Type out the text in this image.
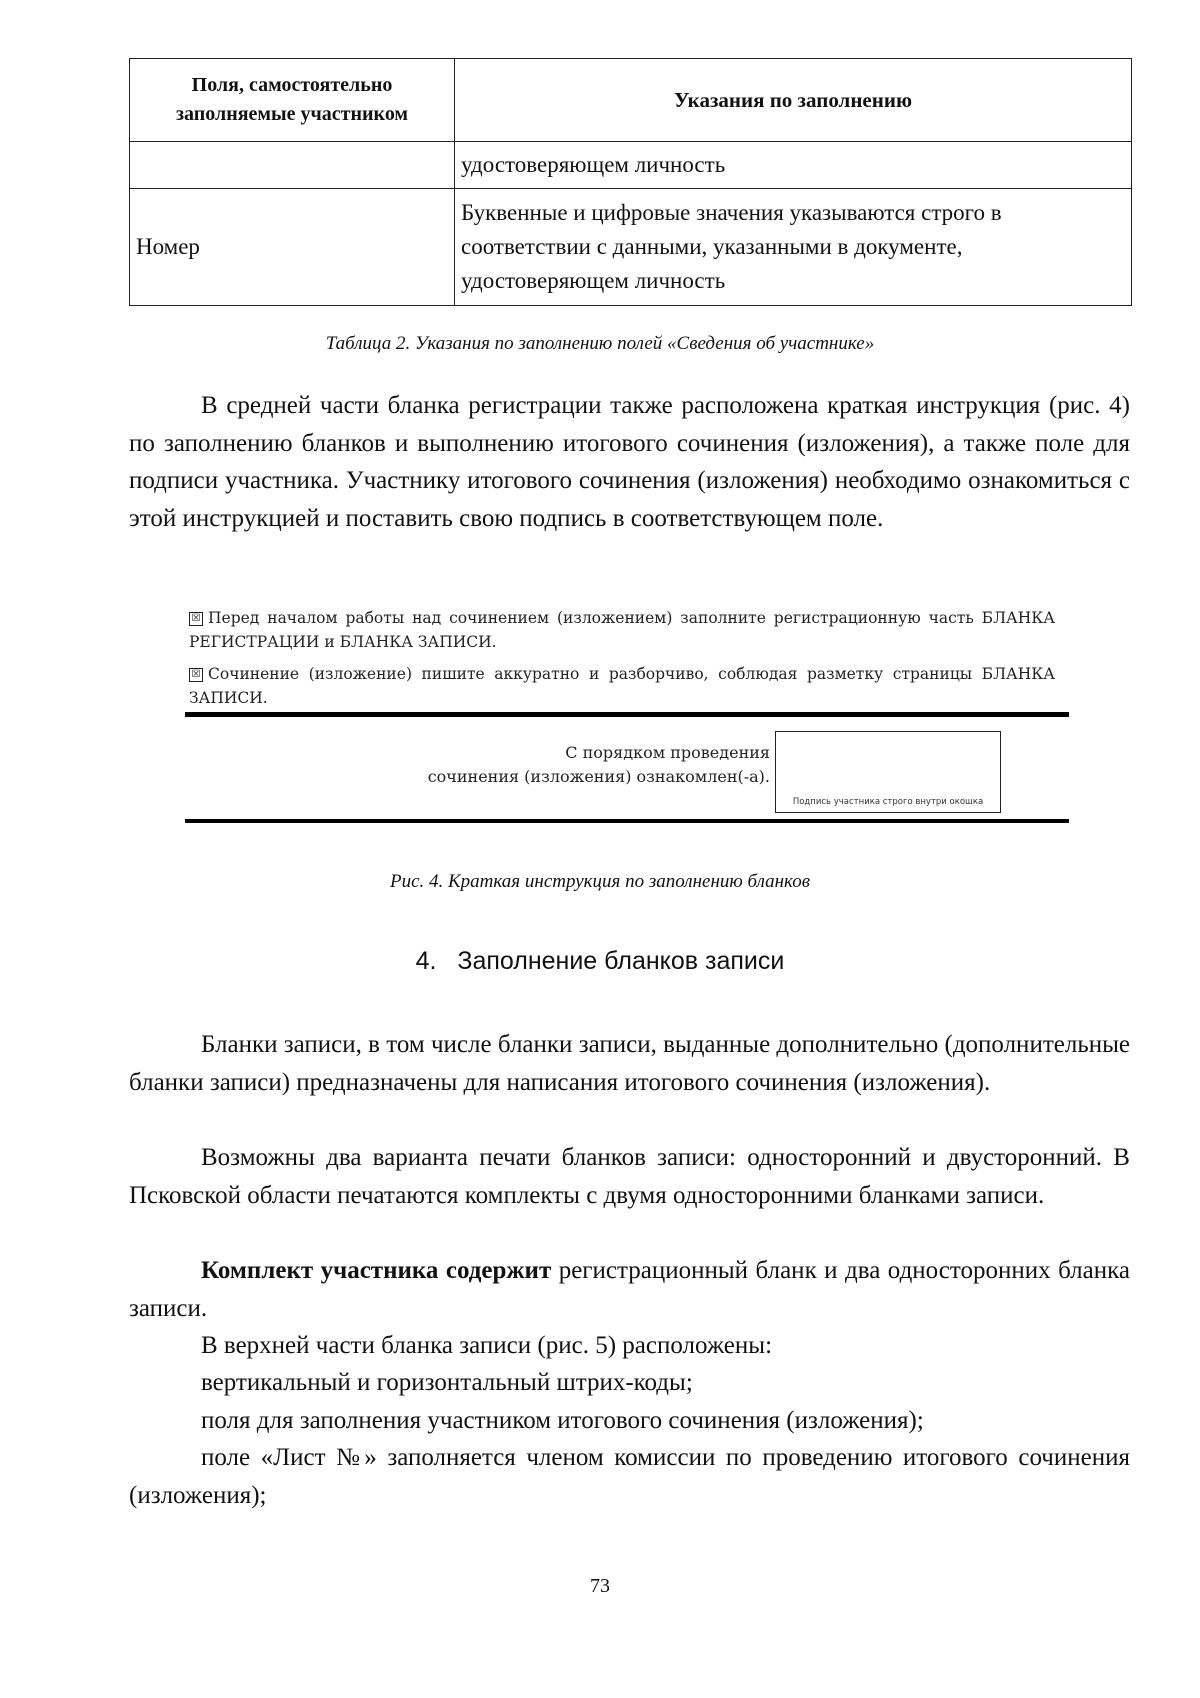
Поля, самостоятельно заполняемые участником	Указания по заполнению
	удостоверяющем личность
Номер	Буквенные и цифровые значения указываются строго в соответствии с данными, указанными в документе, удостоверяющем личность
Таблица 2. Указания по заполнению полей «Сведения об участнике»

В средней части бланка регистрации также расположена краткая инструкция (рис. 4) по заполнению бланков и выполнению итогового сочинения (изложения), а также поле для подписи участника. Участнику итогового сочинения (изложения) необходимо ознакомиться с этой инструкцией и поставить свою подпись в соответствующем поле.

☒ Перед началом работы над сочинением (изложением) заполните регистрационную часть БЛАНКА РЕГИСТРАЦИИ и БЛАНКА ЗАПИСИ.
☒ Сочинение (изложение) пишите аккуратно и разборчиво, соблюдая разметку страницы БЛАНКА ЗАПИСИ.
С порядком проведения
сочинения (изложения) ознакомлен(-а).
Подпись участника строго внутри окошка
Рис. 4. Краткая инструкция по заполнению бланков
4. Заполнение бланков записи

Бланки записи, в том числе бланки записи, выданные дополнительно (дополнительные бланки записи) предназначены для написания итогового сочинения (изложения).

Возможны два варианта печати бланков записи: односторонний и двусторонний. В Псковской области печатаются комплекты с двумя односторонними бланками записи.

Комплект участника содержит регистрационный бланк и два односторонних бланка записи.

В верхней части бланка записи (рис. 5) расположены:

вертикальный и горизонтальный штрих-коды;

поля для заполнения участником итогового сочинения (изложения);

поле «Лист №» заполняется членом комиссии по проведению итогового сочинения (изложения);

73
